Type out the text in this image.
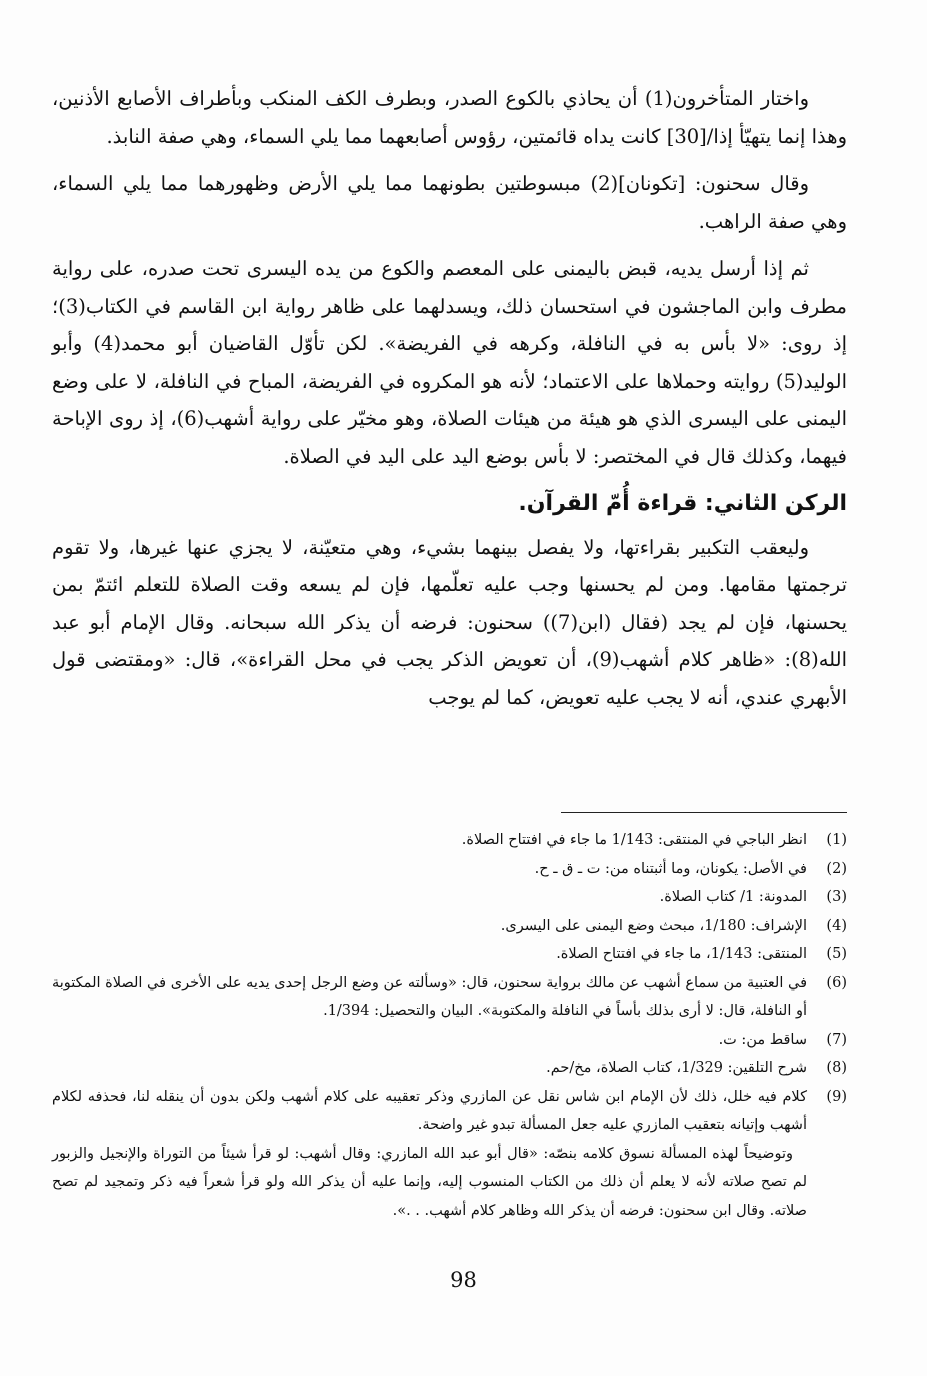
واختار المتأخرون(1) أن يحاذي بالكوع الصدر، وبطرف الكف المنكب وبأطراف الأصابع الأذنين، وهذا إنما يتهيّأ إذا/[30] كانت يداه قائمتين، رؤوس أصابعهما مما يلي السماء، وهي صفة النابذ.

وقال سحنون: [تكونان](2) مبسوطتين بطونهما مما يلي الأرض وظهورهما مما يلي السماء، وهي صفة الراهب.

ثم إذا أرسل يديه، قبض باليمنى على المعصم والكوع من يده اليسرى تحت صدره، على رواية مطرف وابن الماجشون في استحسان ذلك، ويسدلهما على ظاهر رواية ابن القاسم في الكتاب(3)؛ إذ روى: «لا بأس به في النافلة، وكرهه في الفريضة». لكن تأوّل القاضيان أبو محمد(4) وأبو الوليد(5) روايته وحملاها على الاعتماد؛ لأنه هو المكروه في الفريضة، المباح في النافلة، لا على وضع اليمنى على اليسرى الذي هو هيئة من هيئات الصلاة، وهو مخيّر على رواية أشهب(6)، إذ روى الإباحة فيهما، وكذلك قال في المختصر: لا بأس بوضع اليد على اليد في الصلاة.

الركن الثاني: قراءة أُمّ القرآن.

وليعقب التكبير بقراءتها، ولا يفصل بينهما بشيء، وهي متعيّنة، لا يجزي عنها غيرها، ولا تقوم ترجمتها مقامها. ومن لم يحسنها وجب عليه تعلّمها، فإن لم يسعه وقت الصلاة للتعلم ائتمّ بمن يحسنها، فإن لم يجد (فقال (ابن(7)) سحنون: فرضه أن يذكر الله سبحانه. وقال الإمام أبو عبد الله(8): «ظاهر كلام أشهب(9)، أن تعويض الذكر يجب في محل القراءة»، قال: «ومقتضى قول الأبهري عندي، أنه لا يجب عليه تعويض، كما لم يوجب

(1)
انظر الباجي في المنتقى: 1/143 ما جاء في افتتاح الصلاة.
(2)
في الأصل: يكونان، وما أثبتناه من: ت ـ ق ـ ح.
(3)
المدونة: 1/ كتاب الصلاة.
(4)
الإشراف: 1/180، مبحث وضع اليمنى على اليسرى.
(5)
المنتقى: 1/143، ما جاء في افتتاح الصلاة.
(6)
في العتبية من سماع أشهب عن مالك برواية سحنون، قال: «وسألته عن وضع الرجل إحدى يديه على الأخرى في الصلاة المكتوبة أو النافلة، قال: لا أرى بذلك بأساً في النافلة والمكتوبة». البيان والتحصيل: 1/394.
(7)
ساقط من: ت.
(8)
شرح التلقين: 1/329، كتاب الصلاة، مخ/حم.
(9)
كلام فيه خلل، ذلك لأن الإمام ابن شاس نقل عن المازري وذكر تعقيبه على كلام أشهب ولكن بدون أن ينقله لنا، فحذفه لكلام أشهب وإتيانه بتعقيب المازري عليه جعل المسألة تبدو غير واضحة.
وتوضيحاً لهذه المسألة نسوق كلامه بنصّه: «قال أبو عبد الله المازري: وقال أشهب: لو قرأ شيئاً من التوراة والإنجيل والزبور لم تصح صلاته لأنه لا يعلم أن ذلك من الكتاب المنسوب إليه، وإنما عليه أن يذكر الله ولو قرأ شعراً فيه ذكر وتمجيد لم تصح صلاته. وقال ابن سحنون: فرضه أن يذكر الله وظاهر كلام أشهب. . .».
98
